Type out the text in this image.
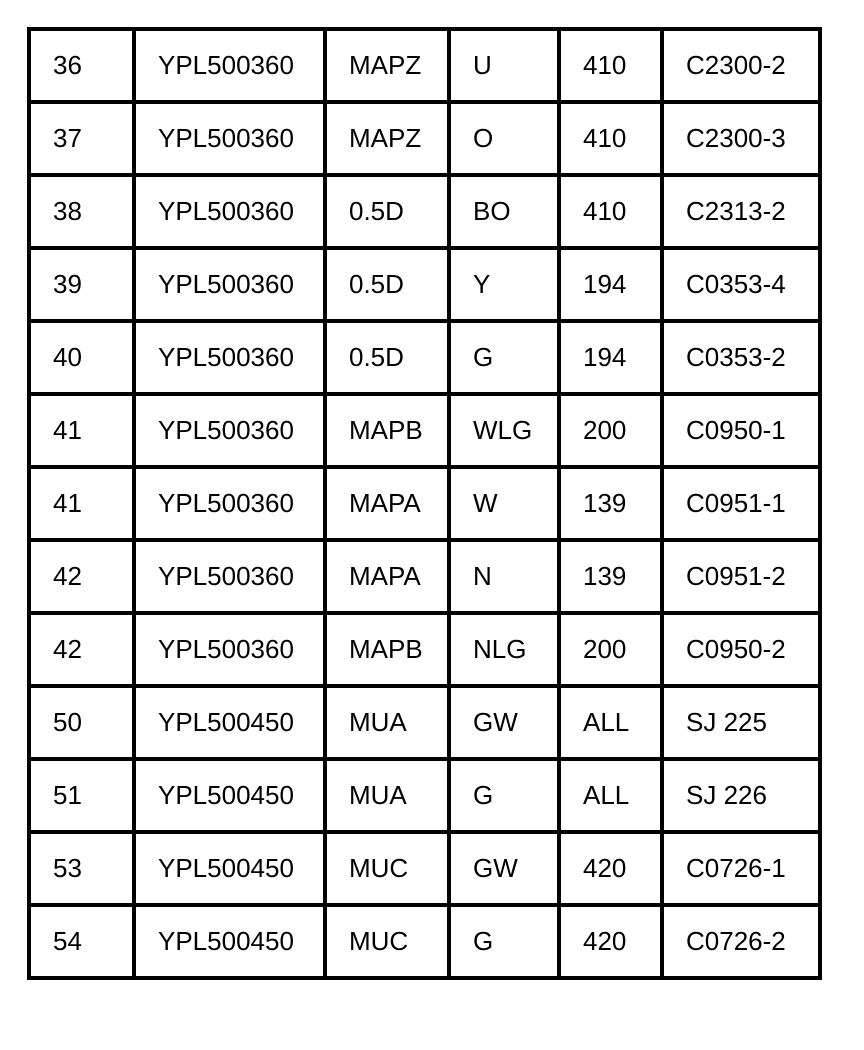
36	YPL500360	MAPZ	U	410	C2300-2
37	YPL500360	MAPZ	O	410	C2300-3
38	YPL500360	0.5D	BO	410	C2313-2
39	YPL500360	0.5D	Y	194	C0353-4
40	YPL500360	0.5D	G	194	C0353-2
41	YPL500360	MAPB	WLG	200	C0950-1
41	YPL500360	MAPA	W	139	C0951-1
42	YPL500360	MAPA	N	139	C0951-2
42	YPL500360	MAPB	NLG	200	C0950-2
50	YPL500450	MUA	GW	ALL	SJ 225
51	YPL500450	MUA	G	ALL	SJ 226
53	YPL500450	MUC	GW	420	C0726-1
54	YPL500450	MUC	G	420	C0726-2
